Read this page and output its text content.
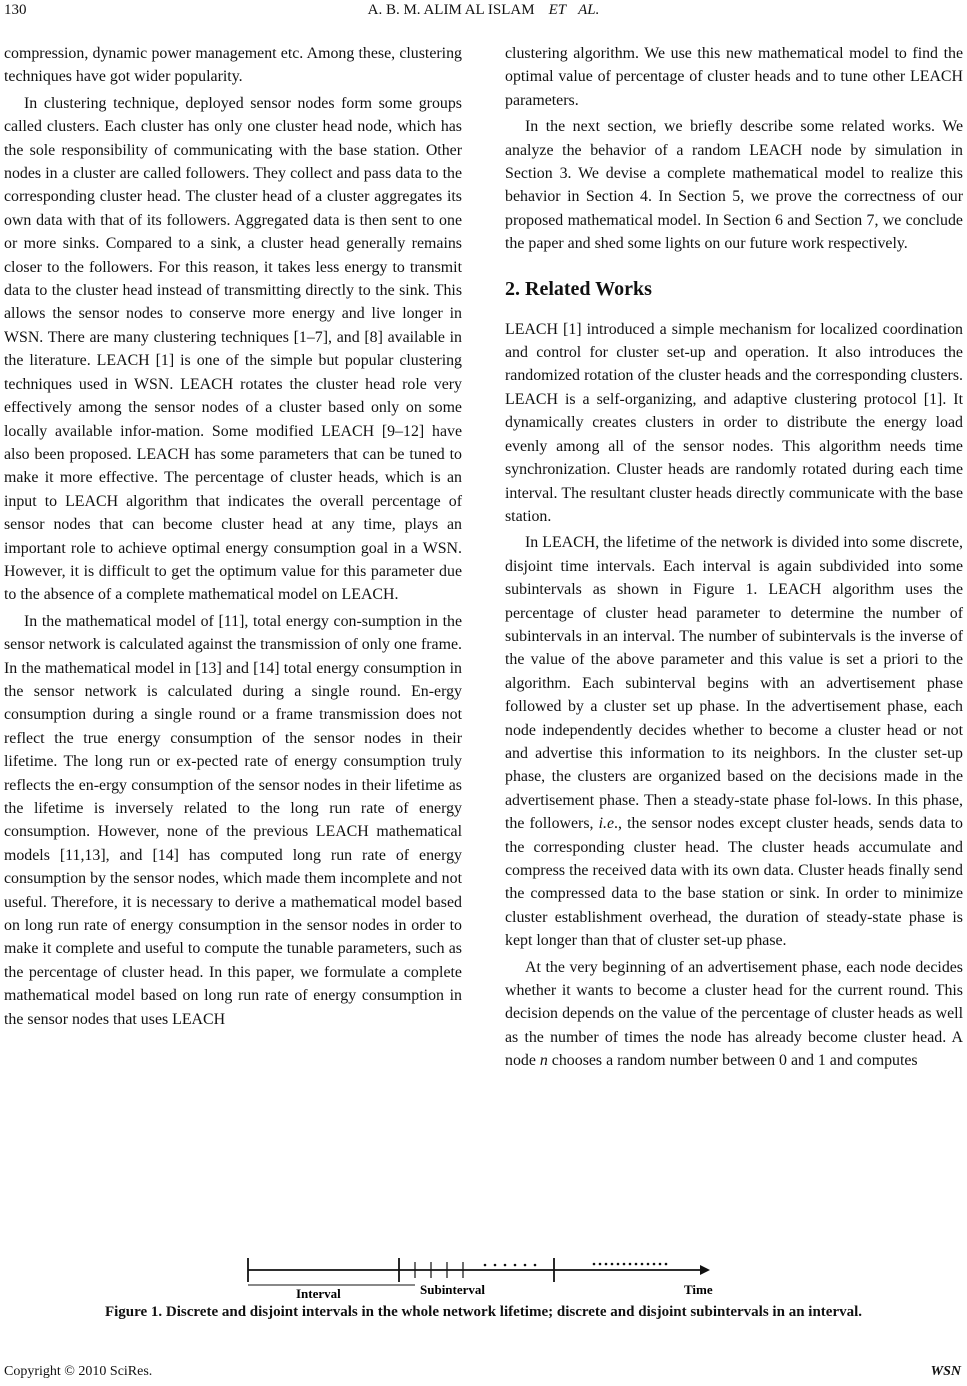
130	A. B. M. ALIM AL ISLAM ET AL.

compression, dynamic power management etc. Among these, clustering techniques have got wider popularity.

In clustering technique, deployed sensor nodes form some groups called clusters. Each cluster has only one cluster head node, which has the sole responsibility of communicating with the base station. Other nodes in a cluster are called followers. They collect and pass data to the corresponding cluster head. The cluster head of a cluster aggregates its own data with that of its followers. Aggregated data is then sent to one or more sinks. Compared to a sink, a cluster head generally remains closer to the followers. For this reason, it takes less energy to transmit data to the cluster head instead of transmitting directly to the sink. This allows the sensor nodes to conserve more energy and live longer in WSN. There are many clustering techniques [1–7], and [8] available in the literature. LEACH [1] is one of the simple but popular clustering techniques used in WSN. LEACH rotates the cluster head role very effectively among the sensor nodes of a cluster based only on some locally available infor-mation. Some modified LEACH [9–12] have also been proposed. LEACH has some parameters that can be tuned to make it more effective. The percentage of cluster heads, which is an input to LEACH algorithm that indicates the overall percentage of sensor nodes that can become cluster head at any time, plays an important role to achieve optimal energy consumption goal in a WSN. However, it is difficult to get the optimum value for this parameter due to the absence of a complete mathematical model on LEACH.

In the mathematical model of [11], total energy con-sumption in the sensor network is calculated against the transmission of only one frame. In the mathematical model in [13] and [14] total energy consumption in the sensor network is calculated during a single round. En-ergy consumption during a single round or a frame transmission does not reflect the true energy consumption of the sensor nodes in their lifetime. The long run or ex-pected rate of energy consumption truly reflects the en-ergy consumption of the sensor nodes in their lifetime as the lifetime is inversely related to the long run rate of energy consumption. However, none of the previous LEACH mathematical models [11,13], and [14] has computed long run rate of energy consumption by the sensor nodes, which made them incomplete and not useful. Therefore, it is necessary to derive a mathematical model based on long run rate of energy consumption in the sensor nodes in order to make it complete and useful to compute the tunable parameters, such as the percentage of cluster head. In this paper, we formulate a complete mathematical model based on long run rate of energy consumption in the sensor nodes that uses LEACH

clustering algorithm. We use this new mathematical model to find the optimal value of percentage of cluster heads and to tune other LEACH parameters.

In the next section, we briefly describe some related works. We analyze the behavior of a random LEACH node by simulation in Section 3. We devise a complete mathematical model to realize this behavior in Section 4. In Section 5, we prove the correctness of our proposed mathematical model. In Section 6 and Section 7, we conclude the paper and shed some lights on our future work respectively.

2. Related Works

LEACH [1] introduced a simple mechanism for localized coordination and control for cluster set-up and operation. It also introduces the randomized rotation of the cluster heads and the corresponding clusters. LEACH is a self-organizing, and adaptive clustering protocol [1]. It dynamically creates clusters in order to distribute the energy load evenly among all of the sensor nodes. This algorithm needs time synchronization. Cluster heads are randomly rotated during each time interval. The resultant cluster heads directly communicate with the base station.

In LEACH, the lifetime of the network is divided into some discrete, disjoint time intervals. Each interval is again subdivided into some subintervals as shown in Figure 1. LEACH algorithm uses the percentage of cluster head parameter to determine the number of subintervals in an interval. The number of subintervals is the inverse of the value of the above parameter and this value is set a priori to the algorithm. Each subinterval begins with an advertisement phase followed by a cluster set up phase. In the advertisement phase, each node independently decides whether to become a cluster head or not and advertise this information to its neighbors. In the cluster set-up phase, the clusters are organized based on the decisions made in the advertisement phase. Then a steady-state phase fol-lows. In this phase, the followers, i.e., the sensor nodes except cluster heads, sends data to the corresponding cluster head. The cluster heads accumulate and compress the received data with its own data. Cluster heads finally send the compressed data to the base station or sink. In order to minimize cluster establishment overhead, the duration of steady-state phase is kept longer than that of cluster set-up phase.

At the very beginning of an advertisement phase, each node decides whether it wants to become a cluster head for the current round. This decision depends on the value of the percentage of cluster heads as well as the number of times the node has already become cluster head. A node n chooses a random number between 0 and 1 and computes

Interval	Subinterval	Time
Figure 1. Discrete and disjoint intervals in the whole network lifetime; discrete and disjoint subintervals in an interval.
Copyright © 2010 SciRes.	WSN
